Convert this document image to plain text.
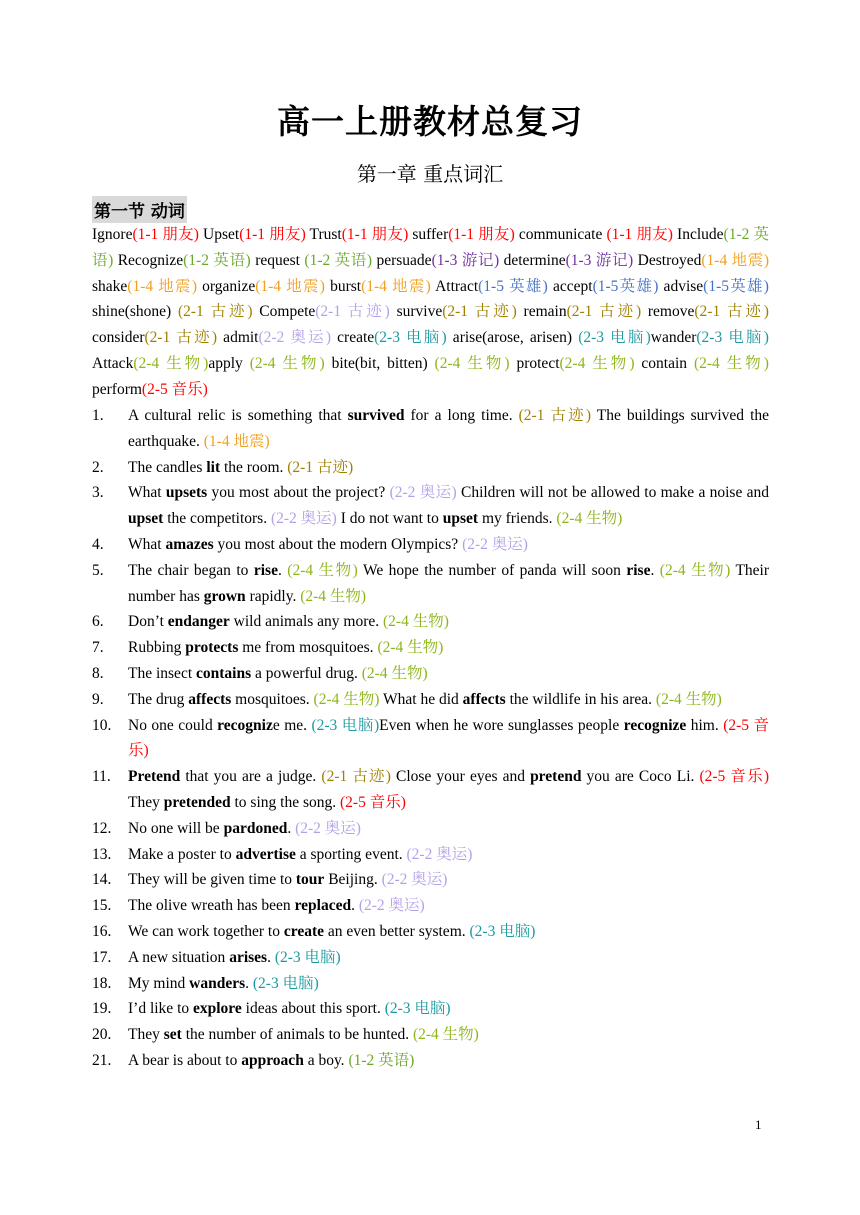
高一上册教材总复习
第一章 重点词汇
第一节 动词
Ignore(1-1 朋友) Upset(1-1 朋友) Trust(1-1 朋友) suffer(1-1 朋友) communicate (1-1 朋友) Include(1-2 英语) Recognize(1-2 英语) request (1-2 英语) persuade(1-3 游记) determine(1-3 游记) Destroyed(1-4 地震) shake(1-4 地震) organize(1-4 地震) burst(1-4 地震) Attract(1-5 英雄) accept(1-5英雄) advise(1-5英雄) shine(shone) (2-1 古迹) Compete(2-1 古迹) survive(2-1 古迹) remain(2-1 古迹) remove(2-1 古迹) consider(2-1 古迹) admit(2-2 奥运) create(2-3 电脑) arise(arose, arisen) (2-3 电脑)wander(2-3 电脑) Attack(2-4 生物)apply (2-4 生物) bite(bit, bitten) (2-4 生物) protect(2-4 生物) contain (2-4 生物) perform(2-5 音乐)
1. A cultural relic is something that survived for a long time. (2-1 古迹) The buildings survived the earthquake. (1-4 地震)
2. The candles lit the room. (2-1 古迹)
3. What upsets you most about the project? (2-2 奥运) Children will not be allowed to make a noise and upset the competitors. (2-2 奥运) I do not want to upset my friends. (2-4 生物)
4. What amazes you most about the modern Olympics? (2-2 奥运)
5. The chair began to rise. (2-4 生物) We hope the number of panda will soon rise. (2-4 生物) Their number has grown rapidly. (2-4 生物)
6. Don’t endanger wild animals any more. (2-4 生物)
7. Rubbing protects me from mosquitoes. (2-4 生物)
8. The insect contains a powerful drug. (2-4 生物)
9. The drug affects mosquitoes. (2-4 生物) What he did affects the wildlife in his area. (2-4 生物)
10. No one could recognize me. (2-3 电脑)Even when he wore sunglasses people recognize him. (2-5 音乐)
11. Pretend that you are a judge. (2-1 古迹) Close your eyes and pretend you are Coco Li. (2-5 音乐) They pretended to sing the song. (2-5 音乐)
12. No one will be pardoned. (2-2 奥运)
13. Make a poster to advertise a sporting event. (2-2 奥运)
14. They will be given time to tour Beijing. (2-2 奥运)
15. The olive wreath has been replaced. (2-2 奥运)
16. We can work together to create an even better system. (2-3 电脑)
17. A new situation arises. (2-3 电脑)
18. My mind wanders. (2-3 电脑)
19. I’d like to explore ideas about this sport. (2-3 电脑)
20. They set the number of animals to be hunted. (2-4 生物)
21. A bear is about to approach a boy. (1-2 英语)
1
